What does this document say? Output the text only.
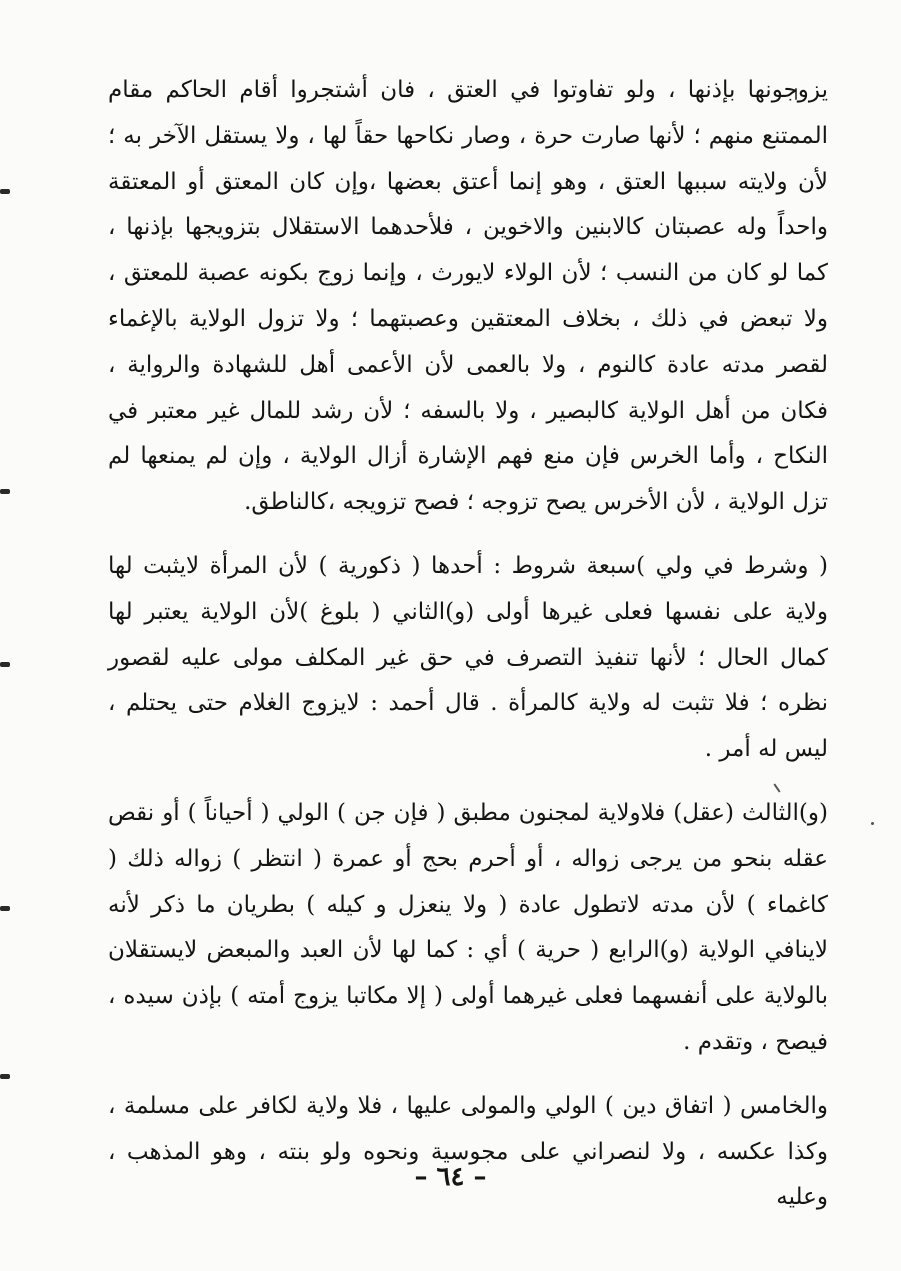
يزوجونها بإذنها ، ولو تفاوتوا في العتق ، فان أشتجروا أقام الحاكم مقام الممتنع منهم ؛ لأنها صارت حرة ، وصار نكاحها حقاً لها ، ولا يستقل الآخر به ؛ لأن ولايته سببها العتق ، وهو إنما أعتق بعضها ،وإن كان المعتق أو المعتقة واحداً وله عصبتان كالابنين والاخوين ، فلأحدهما الاستقلال بتزويجها بإذنها ، كما لو كان من النسب ؛ لأن الولاء لايورث ، وإنما زوج بكونه عصبة للمعتق ، ولا تبعض في ذلك ، بخلاف المعتقين وعصبتهما ؛ ولا تزول الولاية بالإغماء لقصر مدته عادة كالنوم ، ولا بالعمى لأن الأعمى أهل للشهادة والرواية ، فكان من أهل الولاية كالبصير ، ولا بالسفه ؛ لأن رشد للمال غير معتبر في النكاح ، وأما الخرس فإن منع فهم الإشارة أزال الولاية ، وإن لم يمنعها لم تزل الولاية ، لأن الأخرس يصح تزوجه ؛ فصح تزويجه ،كالناطق.

( وشرط في ولي )سبعة شروط : أحدها ( ذكورية ) لأن المرأة لايثبت لها ولاية على نفسها فعلى غيرها أولى (و)الثاني ( بلوغ )لأن الولاية يعتبر لها كمال الحال ؛ لأنها تنفيذ التصرف في حق غير المكلف مولى عليه لقصور نظره ؛ فلا تثبت له ولاية كالمرأة . قال أحمد : لايزوج الغلام حتى يحتلم ، ليس له أمر .

(و)الثالث (عقل) فلاولاية لمجنون مطبق ( فإن جن ) الولي ( أحياناً ) أو نقص عقله بنحو من يرجى زواله ، أو أحرم بحج أو عمرة ( انتظر ) زواله ذلك ( كاغماء ) لأن مدته لاتطول عادة ( ولا ينعزل و كيله ) بطريان ما ذكر لأنه لاينافي الولاية (و)الرابع ( حرية ) أي : كما لها لأن العبد والمبعض لايستقلان بالولاية على أنفسهما فعلى غيرهما أولى ( إلا مكاتبا يزوج أمته ) بإذن سيده ، فيصح ، وتقدم .

والخامس ( اتفاق دين ) الولي والمولى عليها ، فلا ولاية لكافر على مسلمة ، وكذا عكسه ، ولا لنصراني على مجوسية ونحوه ولو بنته ، وهو المذهب ، وعليه

– ٦٤ –
